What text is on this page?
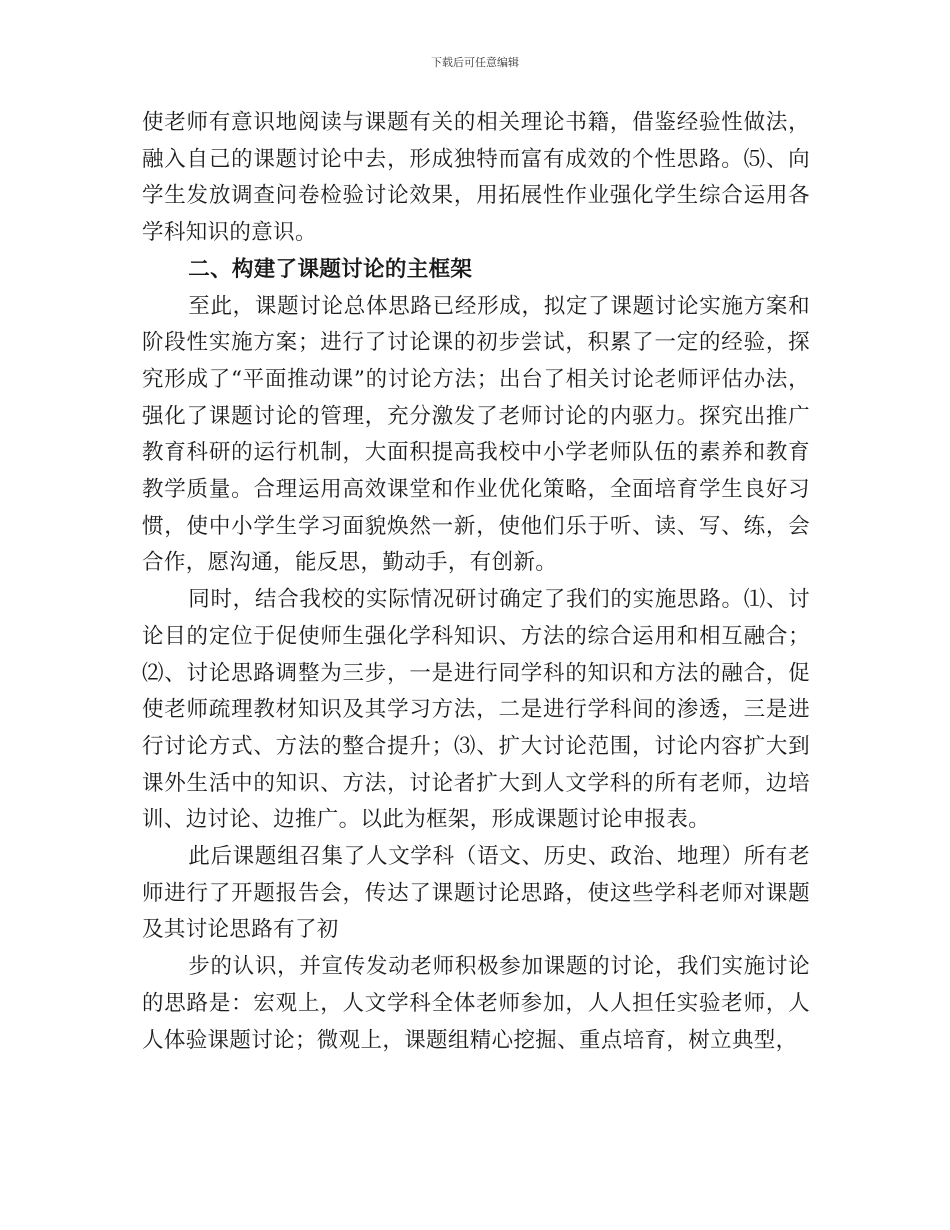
下载后可任意编辑

使老师有意识地阅读与课题有关的相关理论书籍，借鉴经验性做法，融入自己的课题讨论中去，形成独特而富有成效的个性思路。⑸、向学生发放调查问卷检验讨论效果，用拓展性作业强化学生综合运用各学科知识的意识。

二、构建了课题讨论的主框架

至此，课题讨论总体思路已经形成，拟定了课题讨论实施方案和阶段性实施方案；进行了讨论课的初步尝试，积累了一定的经验，探究形成了“平面推动课”的讨论方法；出台了相关讨论老师评估办法，强化了课题讨论的管理，充分激发了老师讨论的内驱力。探究出推广教育科研的运行机制，大面积提高我校中小学老师队伍的素养和教育教学质量。合理运用高效课堂和作业优化策略，全面培育学生良好习惯，使中小学生学习面貌焕然一新，使他们乐于听、读、写、练，会合作，愿沟通，能反思，勤动手，有创新。

同时，结合我校的实际情况研讨确定了我们的实施思路。⑴、讨论目的定位于促使师生强化学科知识、方法的综合运用和相互融合；⑵、讨论思路调整为三步，一是进行同学科的知识和方法的融合，促使老师疏理教材知识及其学习方法，二是进行学科间的渗透，三是进行讨论方式、方法的整合提升；⑶、扩大讨论范围，讨论内容扩大到课外生活中的知识、方法，讨论者扩大到人文学科的所有老师，边培训、边讨论、边推广。以此为框架，形成课题讨论申报表。

此后课题组召集了人文学科（语文、历史、政治、地理）所有老师进行了开题报告会，传达了课题讨论思路，使这些学科老师对课题及其讨论思路有了初

步的认识，并宣传发动老师积极参加课题的讨论，我们实施讨论的思路是：宏观上，人文学科全体老师参加，人人担任实验老师，人人体验课题讨论；微观上，课题组精心挖掘、重点培育，树立典型，
